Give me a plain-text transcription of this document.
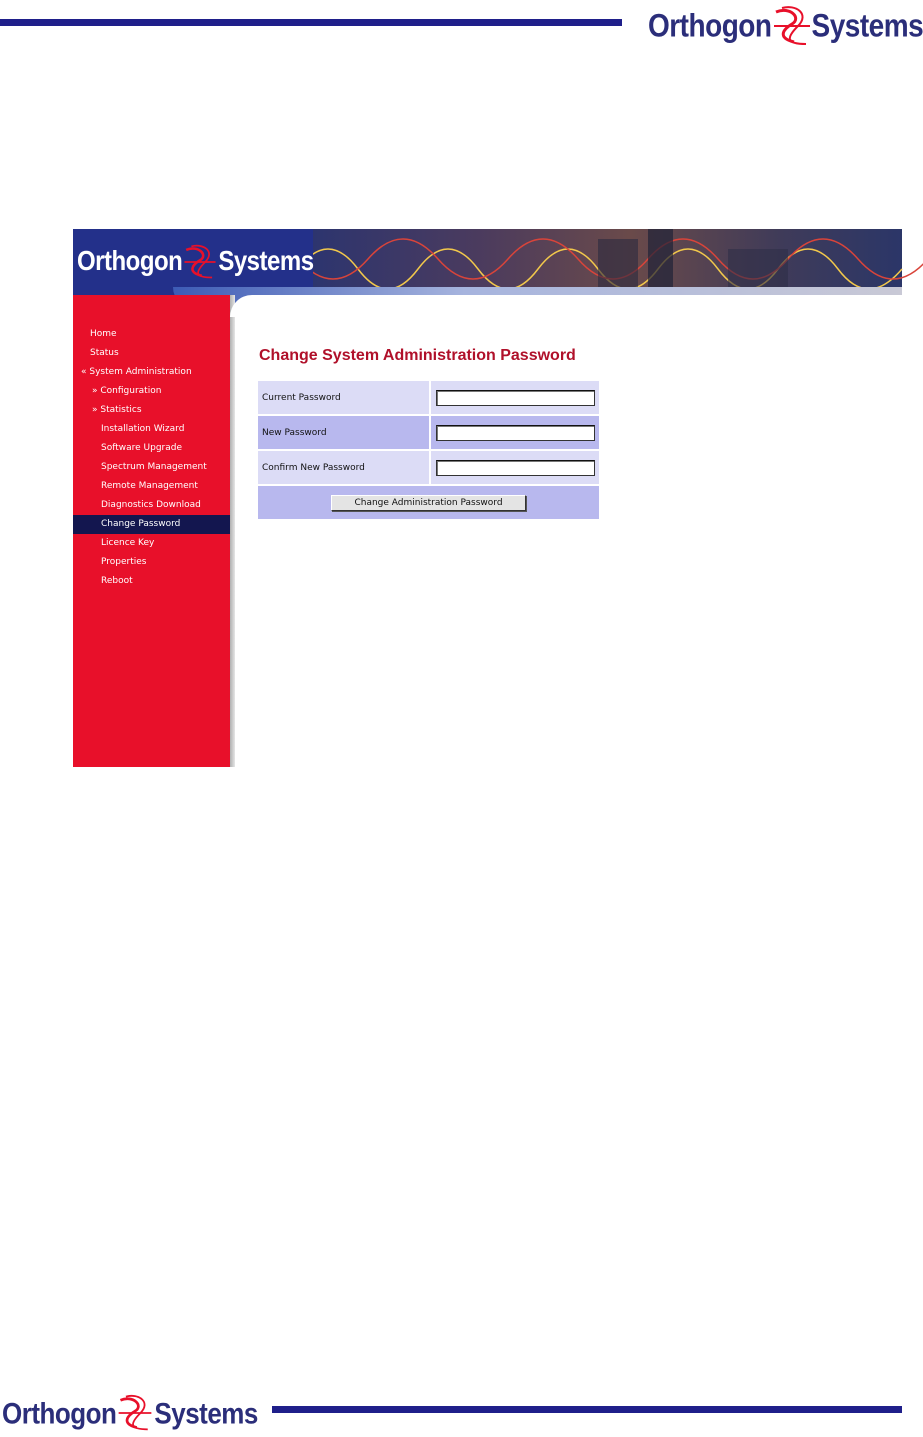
Orthogon Systems
Orthogon Systems
Home
Status
« System Administration
» Configuration
» Statistics
Installation Wizard
Software Upgrade
Spectrum Management
Remote Management
Diagnostics Download
Change Password
Licence Key
Properties
Reboot
Change System Administration Password
Current Password	
New Password	
Confirm New Password	
Change Administration Password	
Orthogon Systems
